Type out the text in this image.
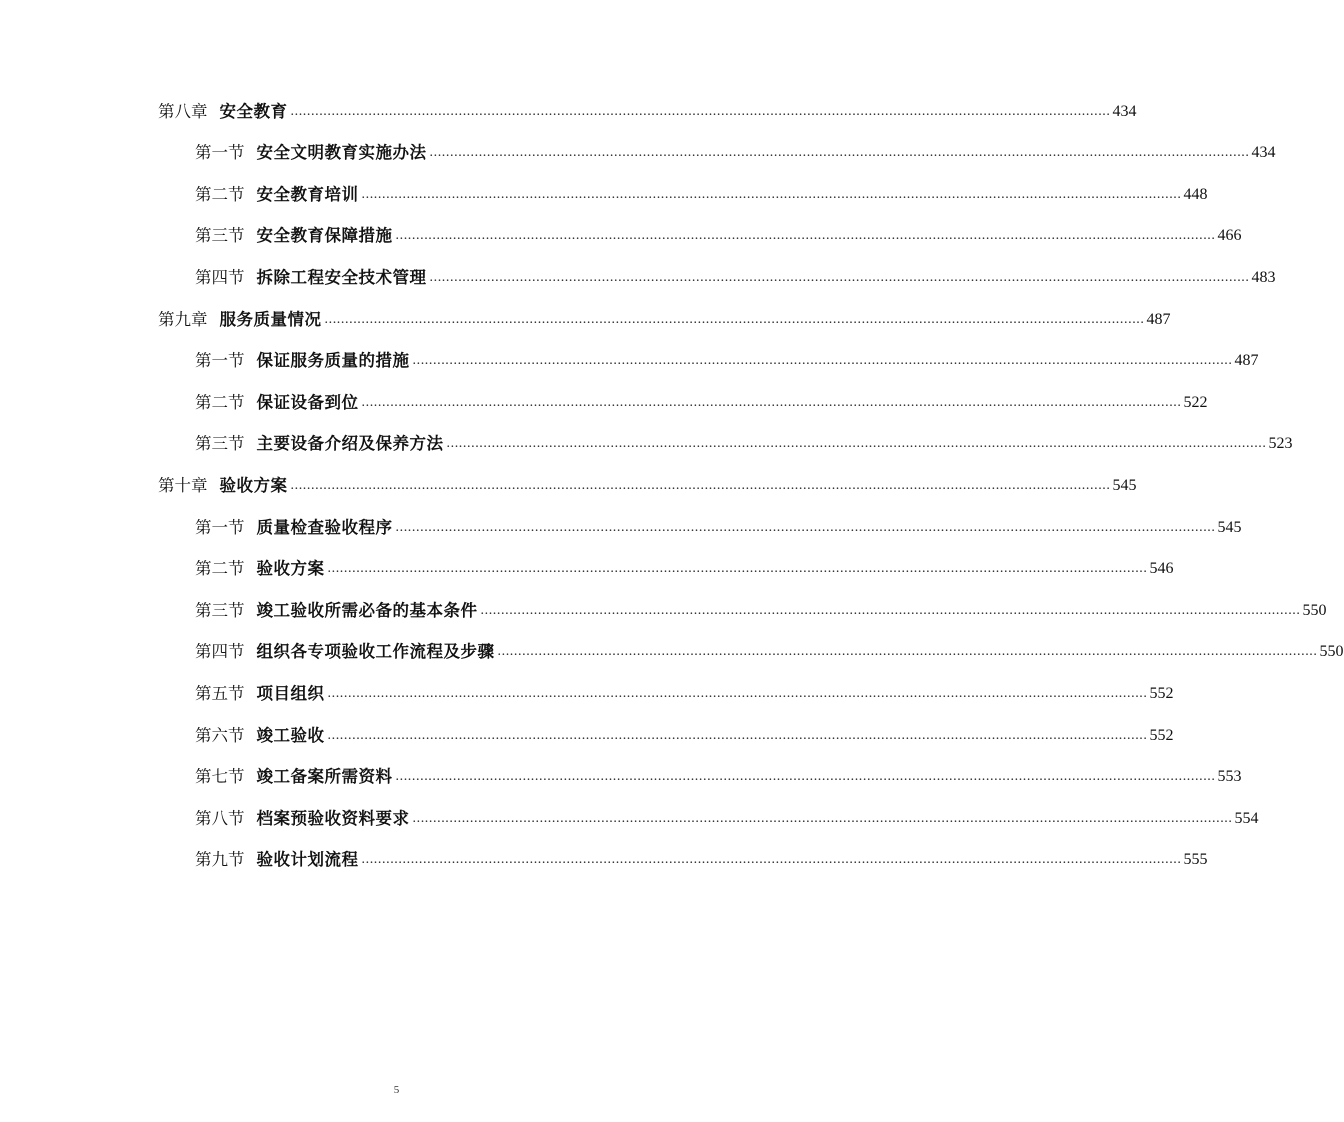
第八章 安全教育 ........................................................................................................................................................................................................ 434
第一节 安全文明教育实施办法 ........................................................................................................................................................................................................ 434
第二节 安全教育培训 ........................................................................................................................................................................................................ 448
第三节 安全教育保障措施 ........................................................................................................................................................................................................ 466
第四节 拆除工程安全技术管理 ........................................................................................................................................................................................................ 483
第九章 服务质量情况 ........................................................................................................................................................................................................ 487
第一节 保证服务质量的措施 ........................................................................................................................................................................................................ 487
第二节 保证设备到位 ........................................................................................................................................................................................................ 522
第三节 主要设备介绍及保养方法 ........................................................................................................................................................................................................ 523
第十章 验收方案 ........................................................................................................................................................................................................ 545
第一节 质量检查验收程序 ........................................................................................................................................................................................................ 545
第二节 验收方案 ........................................................................................................................................................................................................ 546
第三节 竣工验收所需必备的基本条件 ........................................................................................................................................................................................................ 550
第四节 组织各专项验收工作流程及步骤 ........................................................................................................................................................................................................ 550
第五节 项目组织 ........................................................................................................................................................................................................ 552
第六节 竣工验收 ........................................................................................................................................................................................................ 552
第七节 竣工备案所需资料 ........................................................................................................................................................................................................ 553
第八节 档案预验收资料要求 ........................................................................................................................................................................................................ 554
第九节 验收计划流程 ........................................................................................................................................................................................................ 555
5
